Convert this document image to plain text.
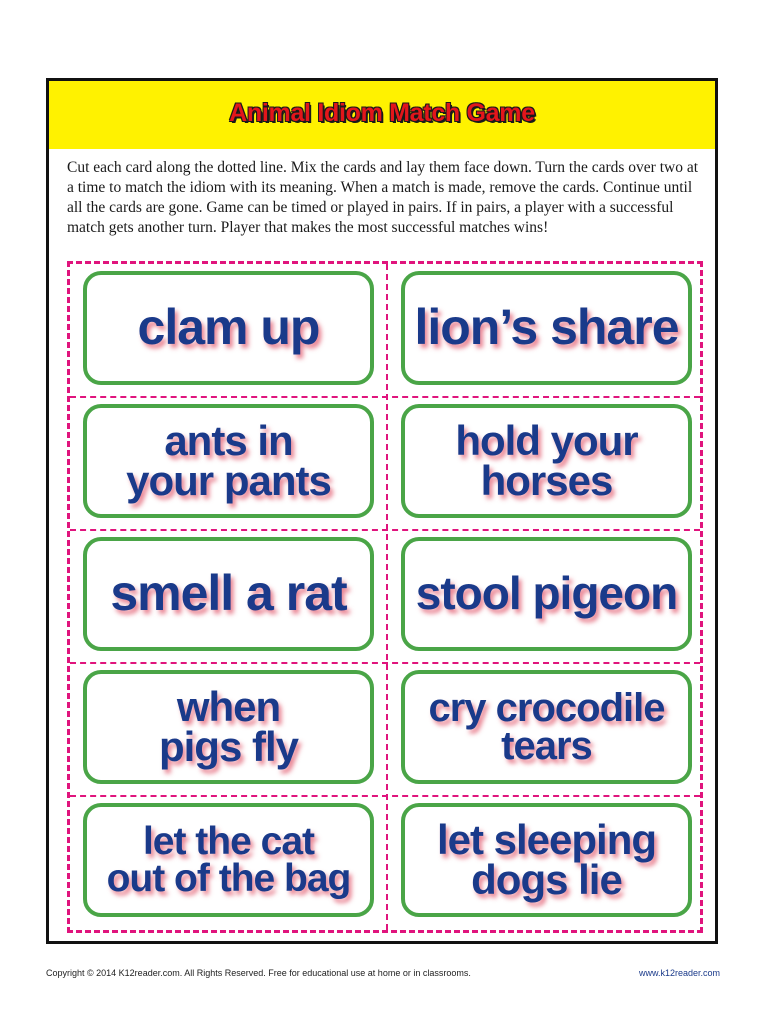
Animal Idiom Match Game

Cut each card along the dotted line. Mix the cards and lay them face down. Turn the cards over two at a time to match the idiom with its meaning. When a match is made, remove the cards. Continue until all the cards are gone. Game can be timed or played in pairs. If in pairs, a player with a successful match gets another turn. Player that makes the most successful matches wins!

clam up lion’s share
ants in
your pants
hold your
horses
smell a rat stool pigeon
when
pigs fly
cry crocodile
tears
let the cat
out of the bag
let sleeping
dogs lie
Copyright © 2014 K12reader.com. All Rights Reserved. Free for educational use at home or in classrooms.	www.k12reader.com
